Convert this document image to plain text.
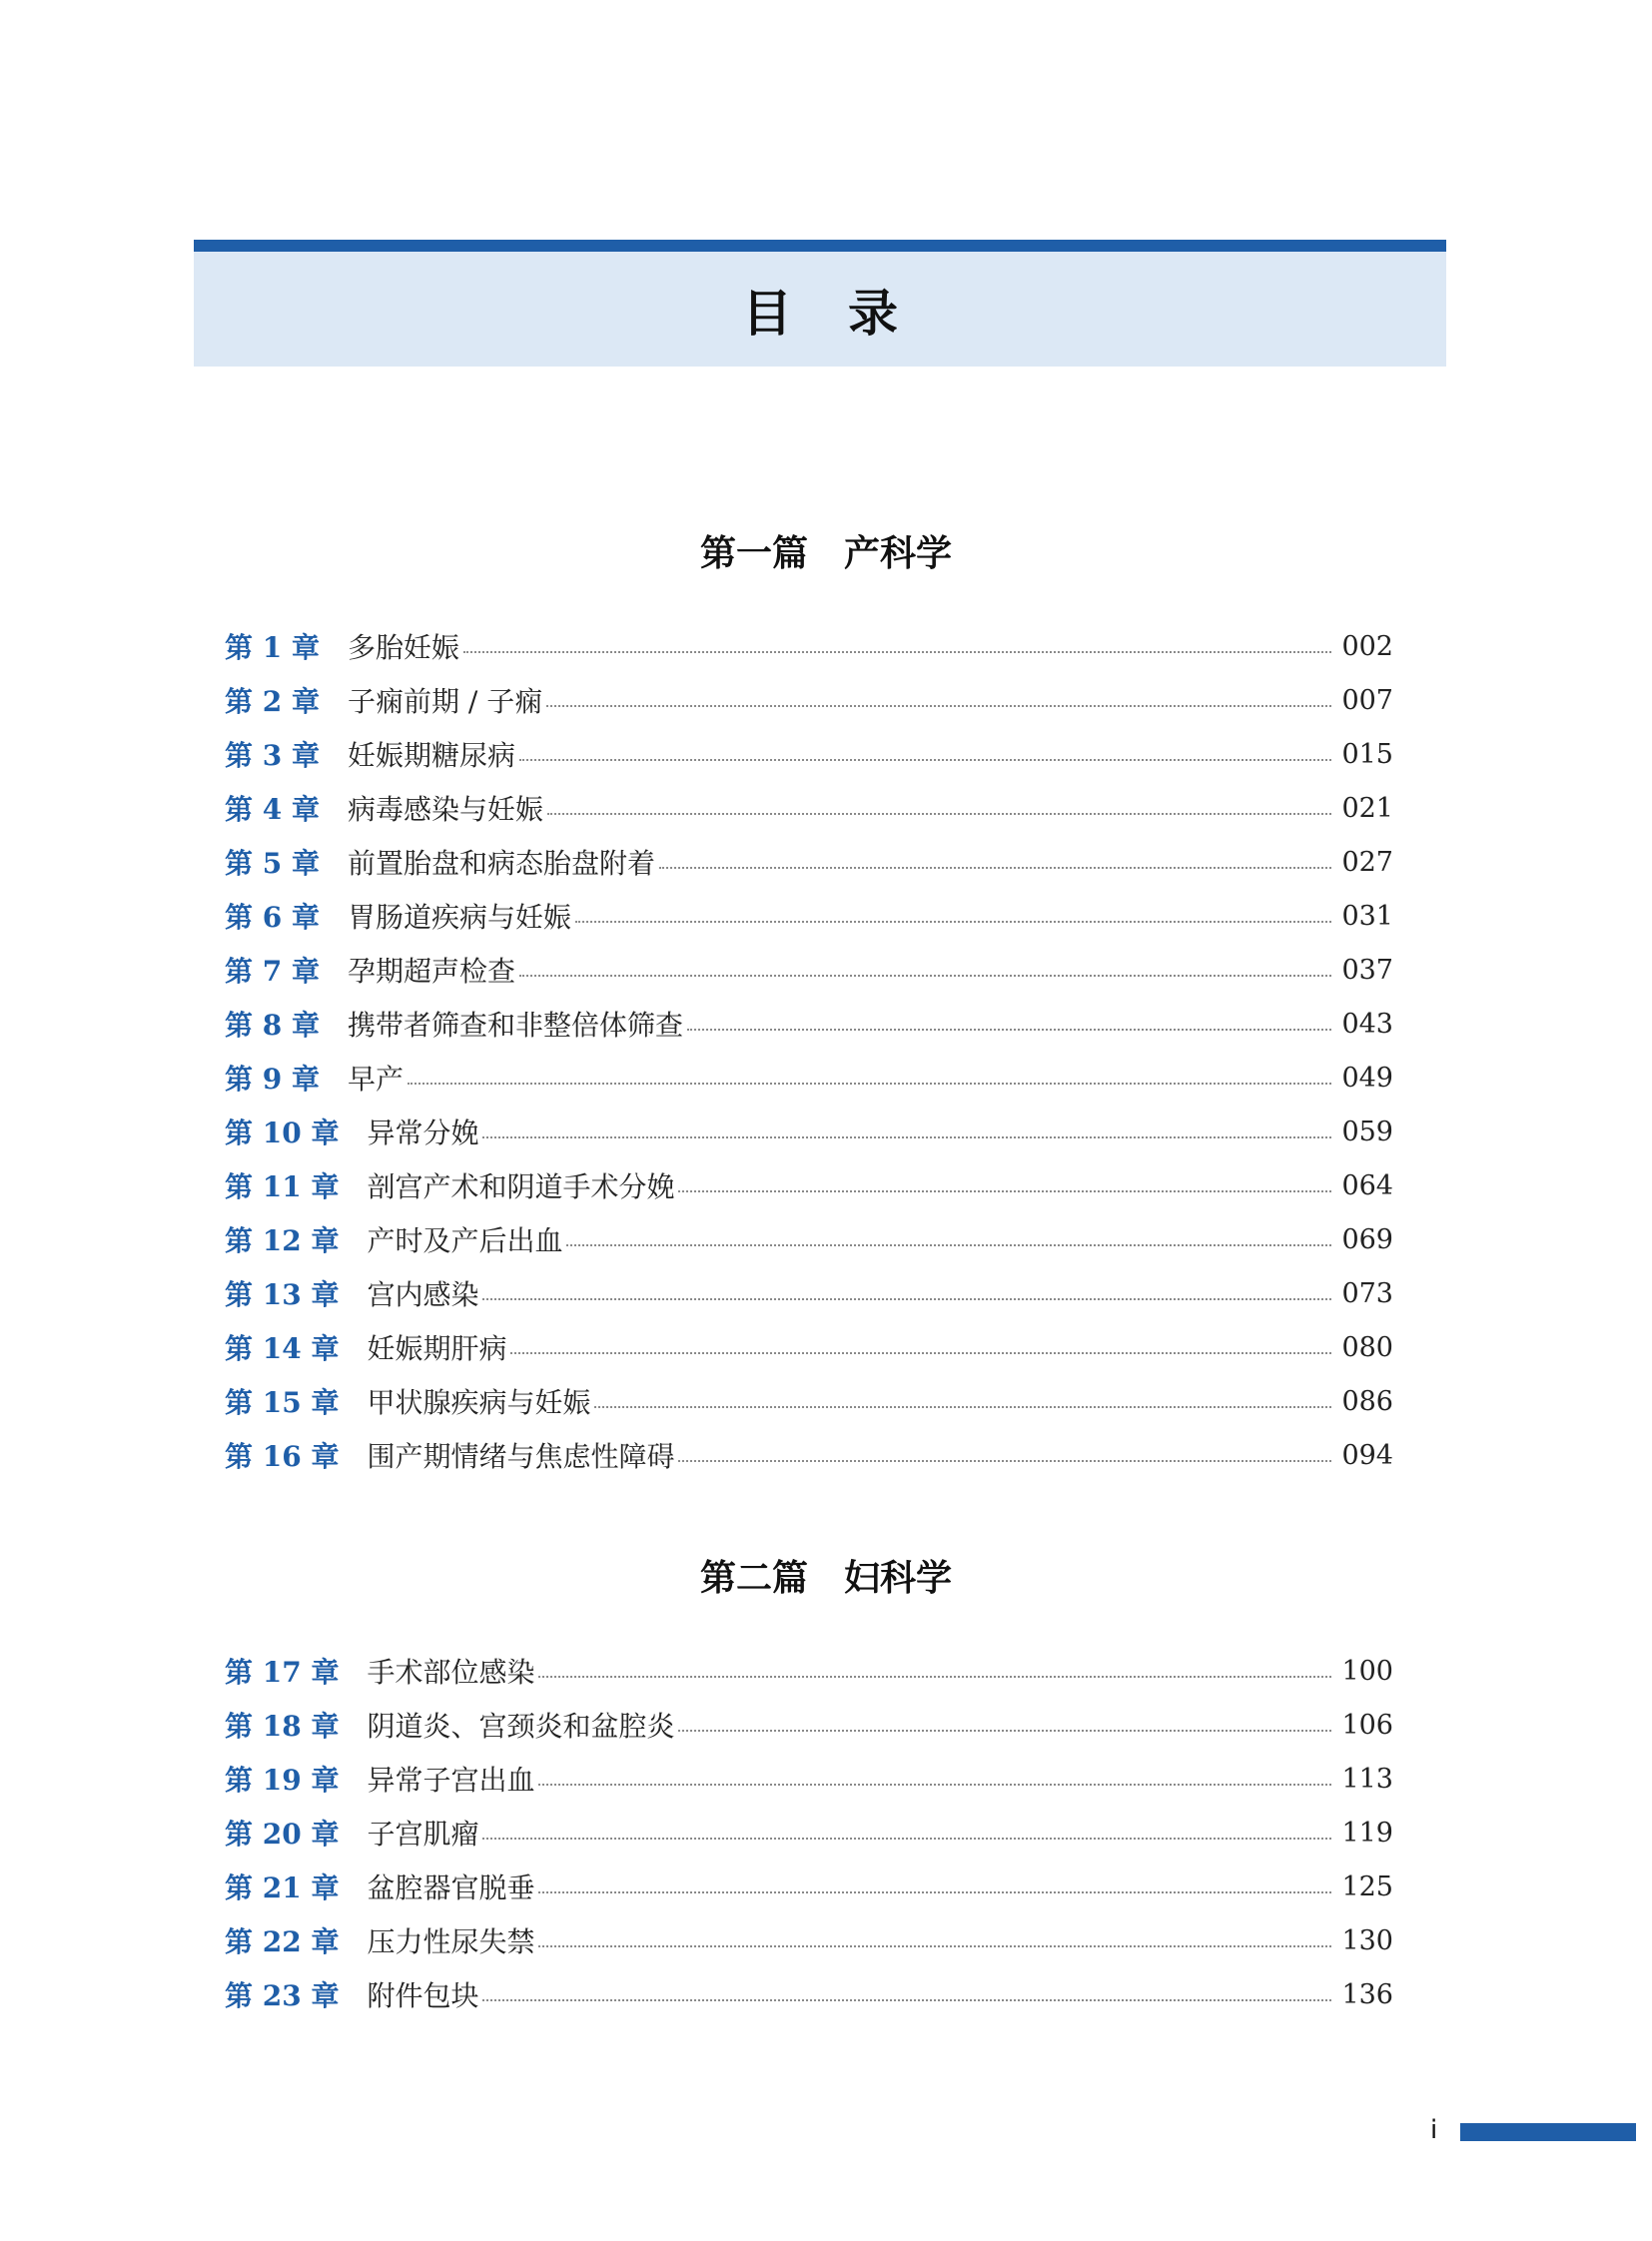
目录
第一篇　产科学
第 1 章 多胎妊娠	002
第 2 章 子痫前期 / 子痫	007
第 3 章 妊娠期糖尿病	015
第 4 章 病毒感染与妊娠	021
第 5 章 前置胎盘和病态胎盘附着	027
第 6 章 胃肠道疾病与妊娠	031
第 7 章 孕期超声检查	037
第 8 章 携带者筛查和非整倍体筛查	043
第 9 章 早产	049
第 10 章 异常分娩	059
第 11 章 剖宫产术和阴道手术分娩	064
第 12 章 产时及产后出血	069
第 13 章 宫内感染	073
第 14 章 妊娠期肝病	080
第 15 章 甲状腺疾病与妊娠	086
第 16 章 围产期情绪与焦虑性障碍	094
第二篇　妇科学
第 17 章 手术部位感染	100
第 18 章 阴道炎、宫颈炎和盆腔炎	106
第 19 章 异常子宫出血	113
第 20 章 子宫肌瘤	119
第 21 章 盆腔器官脱垂	125
第 22 章 压力性尿失禁	130
第 23 章 附件包块	136
i
